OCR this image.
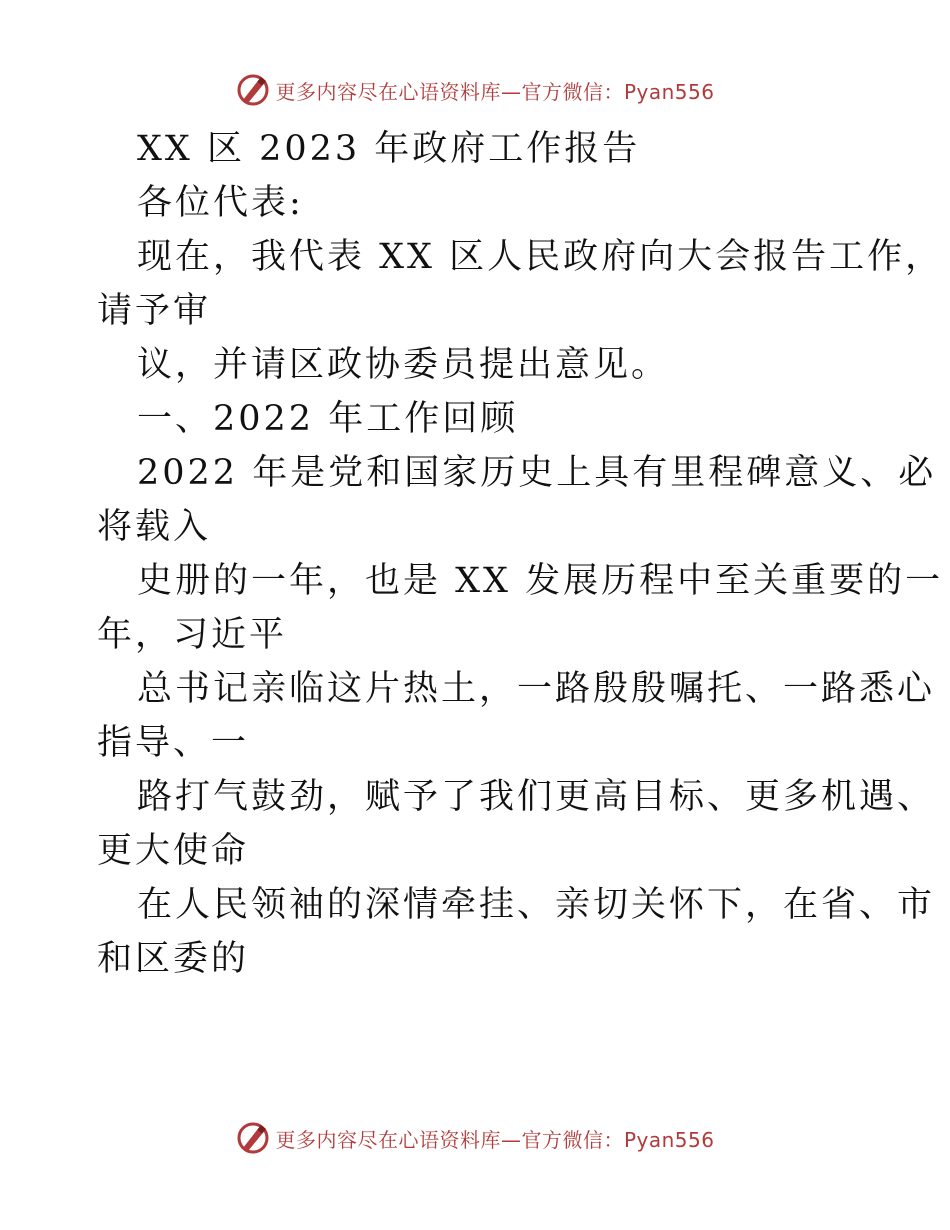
更多内容尽在心语资料库—官方微信：Pyan556
XX 区 2023 年政府工作报告
各位代表:
现在，我代表 XX 区人民政府向大会报告工作，
请予审
议，并请区政协委员提出意见。
一、2022 年工作回顾
2022 年是党和国家历史上具有里程碑意义、必
将载入
史册的一年，也是 XX 发展历程中至关重要的一
年，习近平
总书记亲临这片热土，一路殷殷嘱托、一路悉心
指导、一
路打气鼓劲，赋予了我们更高目标、更多机遇、
更大使命
在人民领袖的深情牵挂、亲切关怀下，在省、市
和区委的
更多内容尽在心语资料库—官方微信：Pyan556
